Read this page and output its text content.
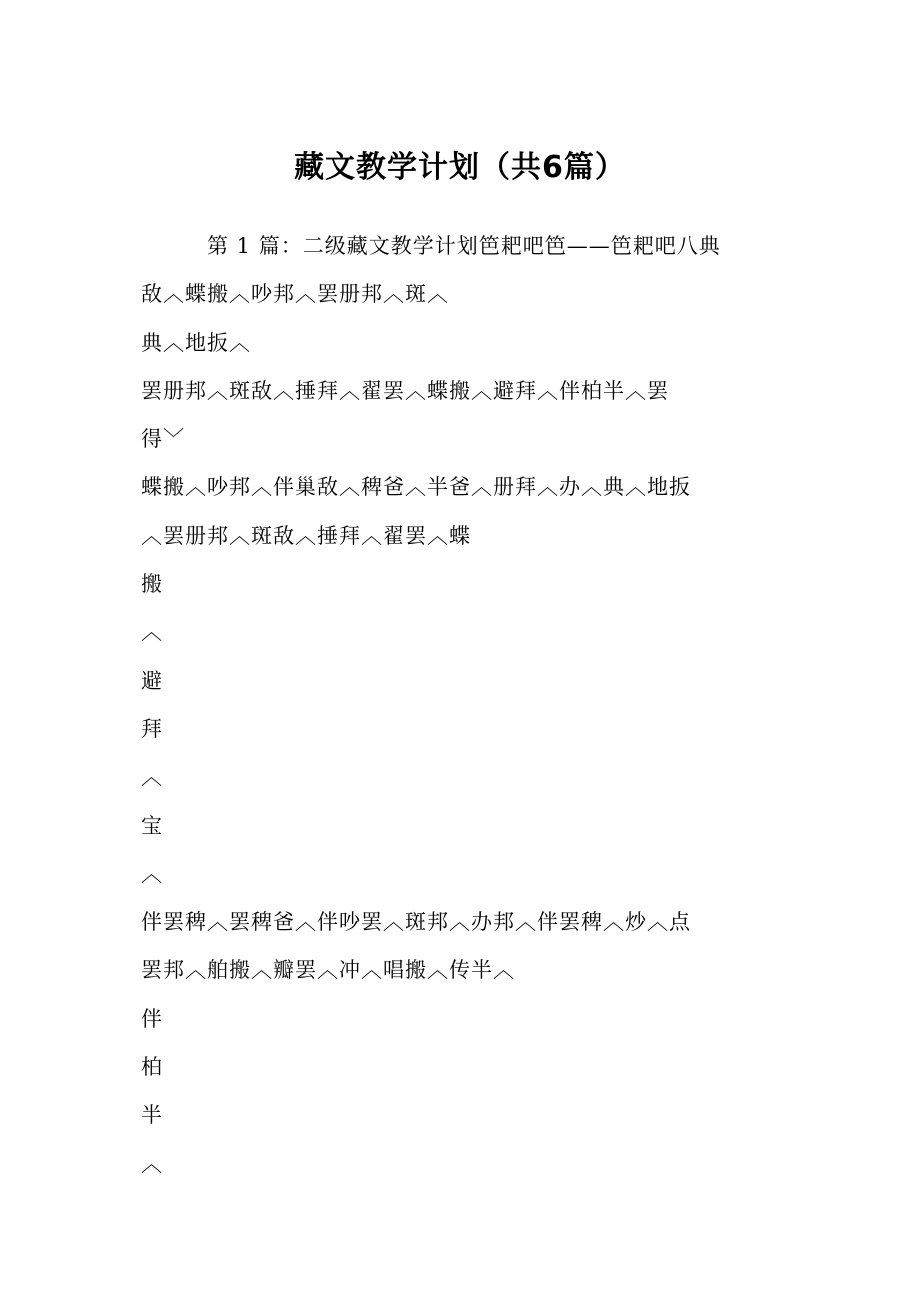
藏文教学计划（共6篇）
第 1 篇：二级藏文教学计划笆耙吧笆——笆耙吧八典
敌︿蝶搬︿吵邦︿罢册邦︿斑︿
典︿地扳︿
罢册邦︿斑敌︿捶拜︿翟罢︿蝶搬︿避拜︿伴柏半︿罢
得﹀
蝶搬︿吵邦︿伴巢敌︿稗爸︿半爸︿册拜︿办︿典︿地扳
︿罢册邦︿斑敌︿捶拜︿翟罢︿蝶
搬
︿
避
拜
︿
宝
︿
伴罢稗︿罢稗爸︿伴吵罢︿斑邦︿办邦︿伴罢稗︿炒︿点
罢邦︿舶搬︿瓣罢︿冲︿唱搬︿传半︿
伴
柏
半
︿
